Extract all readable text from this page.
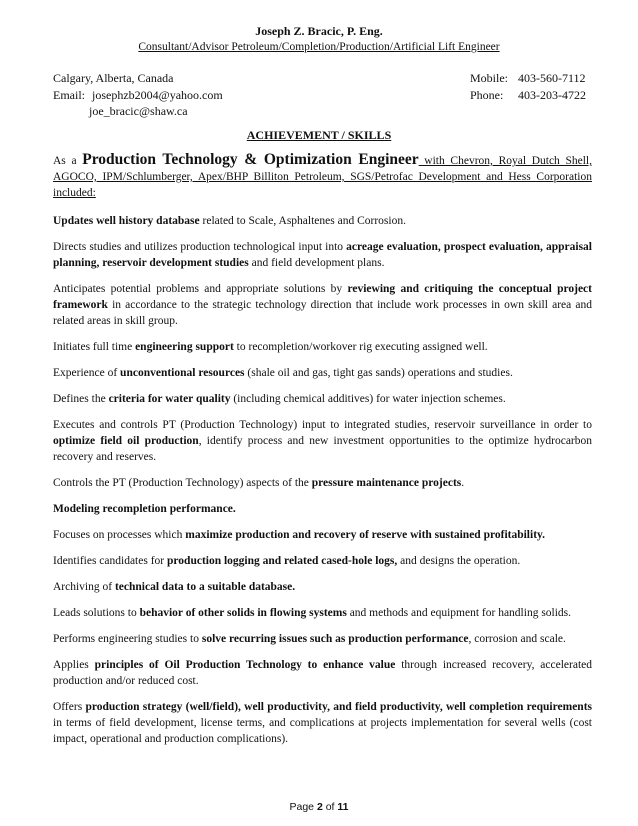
Joseph Z. Bracic, P. Eng.
Consultant/Advisor Petroleum/Completion/Production/Artificial Lift Engineer
Calgary, Alberta, Canada
Email: josephzb2004@yahoo.com
joe_bracic@shaw.ca
Mobile: 403-560-7112
Phone: 403-203-4722
ACHIEVEMENT / SKILLS

As a Production Technology & Optimization Engineer with Chevron, Royal Dutch Shell, AGOCO, IPM/Schlumberger, Apex/BHP Billiton Petroleum, SGS/Petrofac Development and Hess Corporation included:

Updates well history database related to Scale, Asphaltenes and Corrosion.

Directs studies and utilizes production technological input into acreage evaluation, prospect evaluation, appraisal planning, reservoir development studies and field development plans.

Anticipates potential problems and appropriate solutions by reviewing and critiquing the conceptual project framework in accordance to the strategic technology direction that include work processes in own skill area and related areas in skill group.

Initiates full time engineering support to recompletion/workover rig executing assigned well.

Experience of unconventional resources (shale oil and gas, tight gas sands) operations and studies.

Defines the criteria for water quality (including chemical additives) for water injection schemes.

Executes and controls PT (Production Technology) input to integrated studies, reservoir surveillance in order to optimize field oil production, identify process and new investment opportunities to the optimize hydrocarbon recovery and reserves.

Controls the PT (Production Technology) aspects of the pressure maintenance projects.

Modeling recompletion performance.

Focuses on processes which maximize production and recovery of reserve with sustained profitability.

Identifies candidates for production logging and related cased-hole logs, and designs the operation.

Archiving of technical data to a suitable database.

Leads solutions to behavior of other solids in flowing systems and methods and equipment for handling solids.

Performs engineering studies to solve recurring issues such as production performance, corrosion and scale.

Applies principles of Oil Production Technology to enhance value through increased recovery, accelerated production and/or reduced cost.

Offers production strategy (well/field), well productivity, and field productivity, well completion requirements in terms of field development, license terms, and complications at projects implementation for several wells (cost impact, operational and production complications).

Page 2 of 11
